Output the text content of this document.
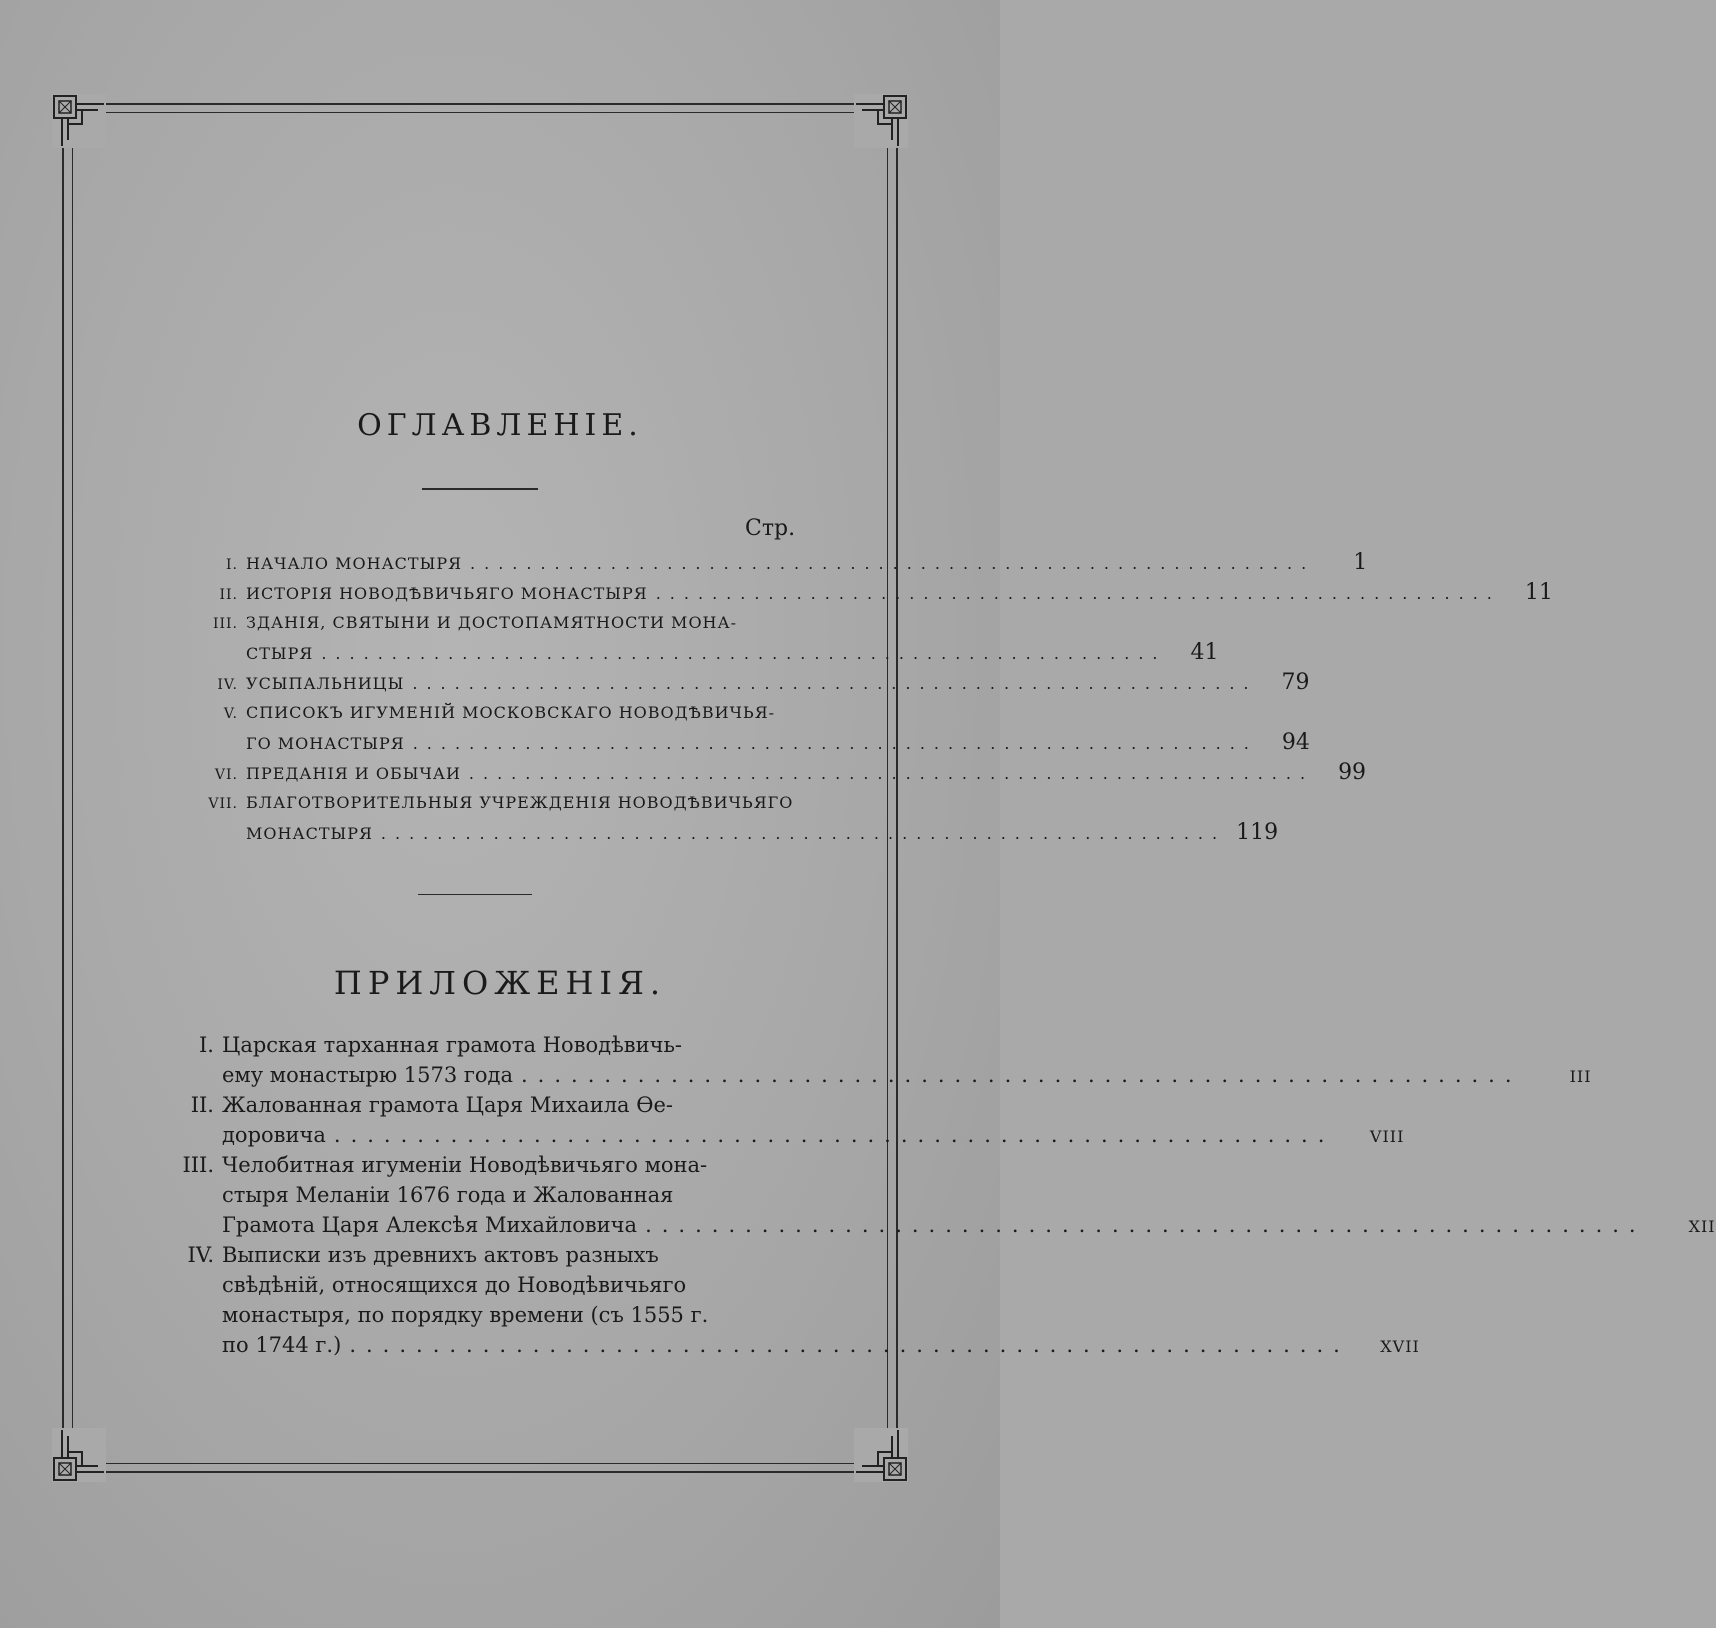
ОГЛАВЛЕНІЕ.
Стр.
I. НАЧАЛО МОНАСТЫРЯ ............................................................	1
II. ИСТОРІЯ НОВОДѢВИЧЬЯГО МОНАСТЫРЯ ............................................................	11
III. ЗДАНІЯ, СВЯТЫНИ И ДОСТОПАМЯТНОСТИ МОНА-
СТЫРЯ ............................................................	41
IV. УСЫПАЛЬНИЦЫ ............................................................	79
V. СПИСОКЪ ИГУМЕНІЙ МОСКОВСКАГО НОВОДѢВИЧЬЯ-
ГО МОНАСТЫРЯ ............................................................	94
VI. ПРЕДАНІЯ И ОБЫЧАИ ............................................................	99
VII. БЛАГОТВОРИТЕЛЬНЫЯ УЧРЕЖДЕНІЯ НОВОДѢВИЧЬЯГО
МОНАСТЫРЯ ............................................................ 119
ПРИЛОЖЕНІЯ.
I. Царская тарханная грамота Новодѣвичь-
ему монастырю 1573 года ............................................................	III
II. Жалованная грамота Царя Михаила Ѳе-
доровича ............................................................	VIII
III. Челобитная игуменіи Новодѣвичьяго мона-
стыря Меланіи 1676 года и Жалованная
Грамота Царя Алексѣя Михайловича ............................................................	XII
IV. Выписки изъ древнихъ актовъ разныхъ
свѣдѣній, относящихся до Новодѣвичьяго
монастыря, по порядку времени (съ 1555 г.
по 1744 г.) ............................................................	XVII
